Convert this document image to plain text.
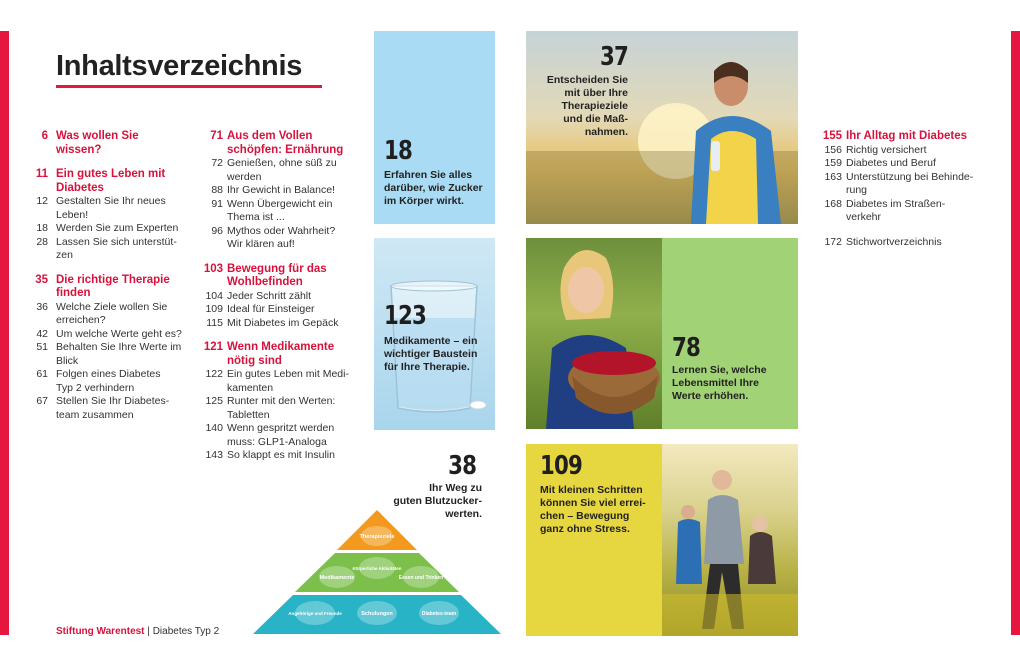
Inhaltsverzeichnis
6 Was wollen Sie
wissen?
11 Ein gutes Leben mit
Diabetes
12 Gestalten Sie Ihr neues
Leben!
18 Werden Sie zum Experten
28 Lassen Sie sich unterstüt-
zen
35 Die richtige Therapie
finden
36 Welche Ziele wollen Sie
erreichen?
42 Um welche Werte geht es?
51 Behalten Sie Ihre Werte im
Blick
61 Folgen eines Diabetes
Typ 2 verhindern
67 Stellen Sie Ihr Diabetes-
team zusammen
71 Aus dem Vollen
schöpfen: Ernährung
72 Genießen, ohne süß zu
werden
88 Ihr Gewicht in Balance!
91 Wenn Übergewicht ein
Thema ist ...
96 Mythos oder Wahrheit?
Wir klären auf!
103 Bewegung für das
Wohlbefinden
104 Jeder Schritt zählt
109 Ideal für Einsteiger
115 Mit Diabetes im Gepäck
121 Wenn Medikamente
nötig sind
122 Ein gutes Leben mit Medi-
kamenten
125 Runter mit den Werten:
Tabletten
140 Wenn gespritzt werden
muss: GLP1-Analoga
143 So klappt es mit Insulin
155 Ihr Alltag mit Diabetes
156 Richtig versichert
159 Diabetes und Beruf
163 Unterstützung bei Behinde-
rung
168 Diabetes im Straßen-
verkehr
172 Stichwortverzeichnis
18
Erfahren Sie alles
darüber, wie Zucker
im Körper wirkt.
123
Medikamente – ein
wichtiger Baustein
für Ihre Therapie.
37
Entscheiden Sie
mit über Ihre
Therapieziele
und die Maß-
nahmen.
78
Lernen Sie, welche
Lebensmittel Ihre
Werte erhöhen.
38
Ihr Weg zu
guten Blutzucker-
werten.
Therapieziele
Medikamente
Körperliche Aktivitäten
Essen und Trinken
Angehörige und Freunde	Schulungen	Diabetes-team
109
Mit kleinen Schritten
können Sie viel errei-
chen – Bewegung
ganz ohne Stress.
Stiftung Warentest | Diabetes Typ 2
